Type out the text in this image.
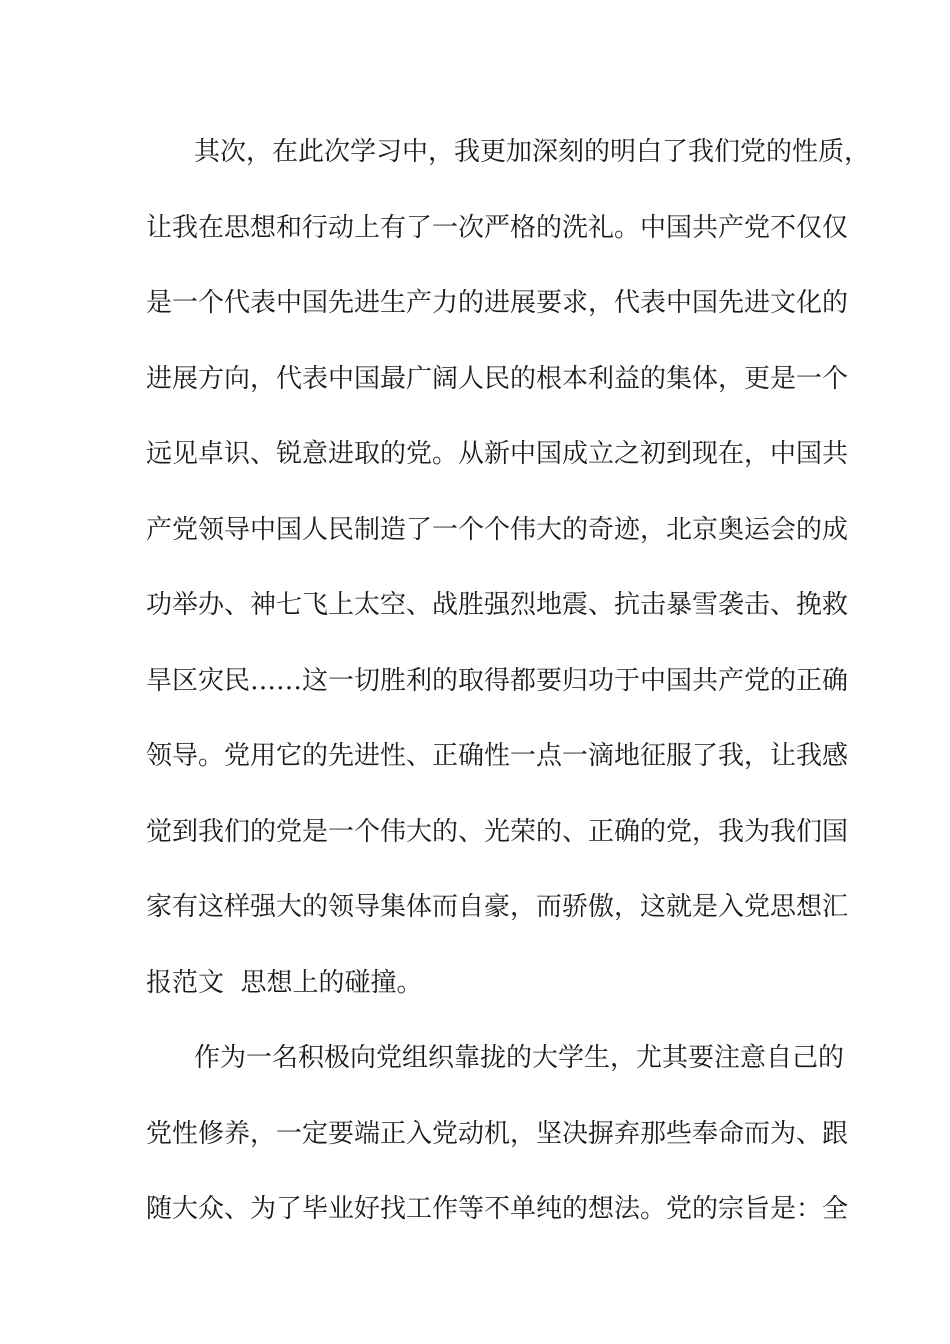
其次，在此次学习中，我更加深刻的明白了我们党的性质，
让我在思想和行动上有了一次严格的洗礼。中国共产党不仅仅
是一个代表中国先进生产力的进展要求，代表中国先进文化的
进展方向，代表中国最广阔人民的根本利益的集体，更是一个
远见卓识、锐意进取的党。从新中国成立之初到现在，中国共
产党领导中国人民制造了一个个伟大的奇迹，北京奥运会的成
功举办、神七飞上太空、战胜强烈地震、抗击暴雪袭击、挽救
旱区灾民……这一切胜利的取得都要归功于中国共产党的正确
领导。党用它的先进性、正确性一点一滴地征服了我，让我感
觉到我们的党是一个伟大的、光荣的、正确的党，我为我们国
家有这样强大的领导集体而自豪，而骄傲，这就是入党思想汇
报范文  思想上的碰撞。
作为一名积极向党组织靠拢的大学生，尤其要注意自己的
党性修养，一定要端正入党动机，坚决摒弃那些奉命而为、跟
随大众、为了毕业好找工作等不单纯的想法。党的宗旨是：全
